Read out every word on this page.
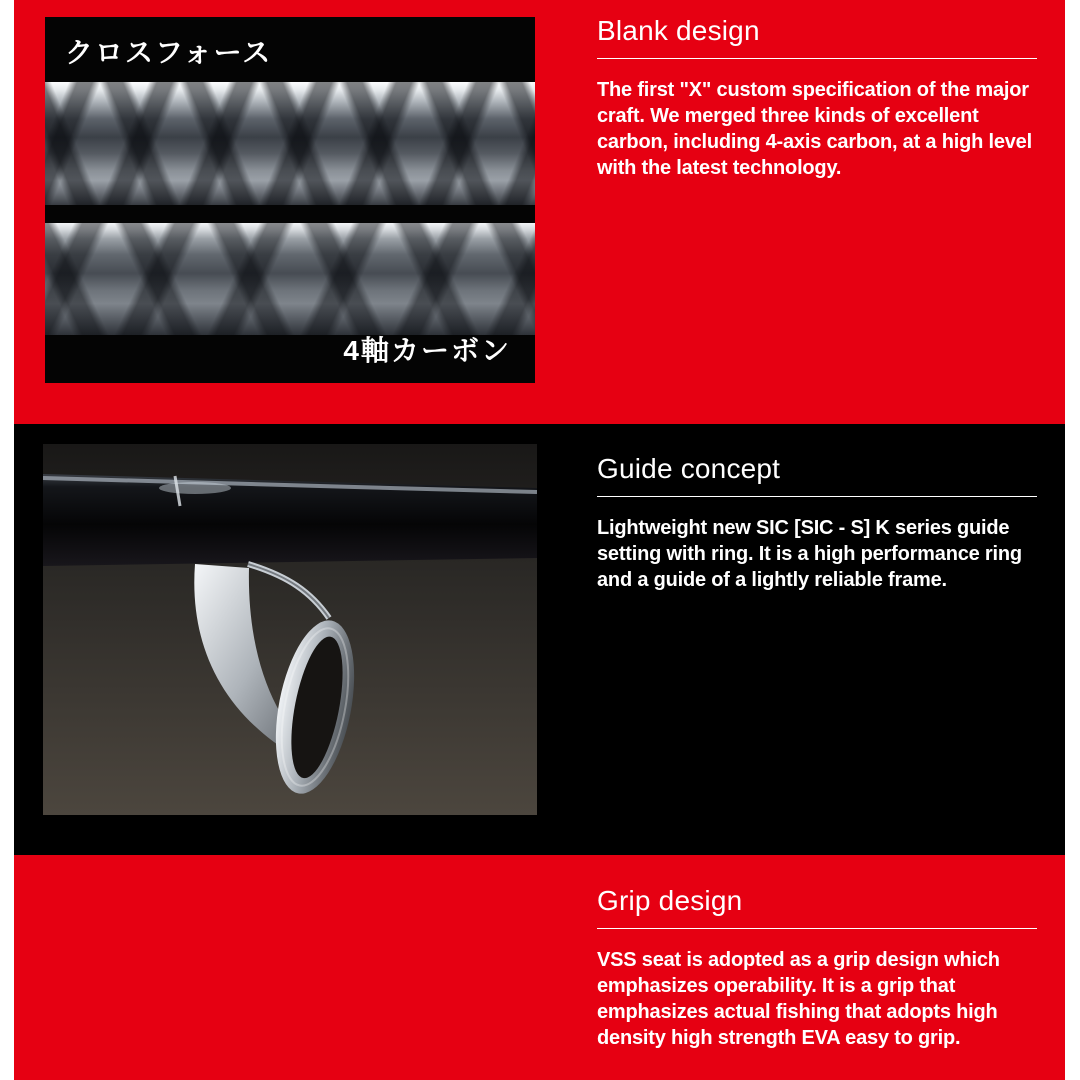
クロスフォース
4軸カーボン
Blank design

The first "X" custom specification of the major craft. We merged three kinds of excellent carbon, including 4-axis carbon, at a high level with the latest technology.

Guide concept

Lightweight new SIC [SIC - S] K series guide setting with ring. It is a high performance ring and a guide of a lightly reliable frame.

Grip design

VSS seat is adopted as a grip design which emphasizes operability. It is a grip that emphasizes actual fishing that adopts high density high strength EVA easy to grip.
